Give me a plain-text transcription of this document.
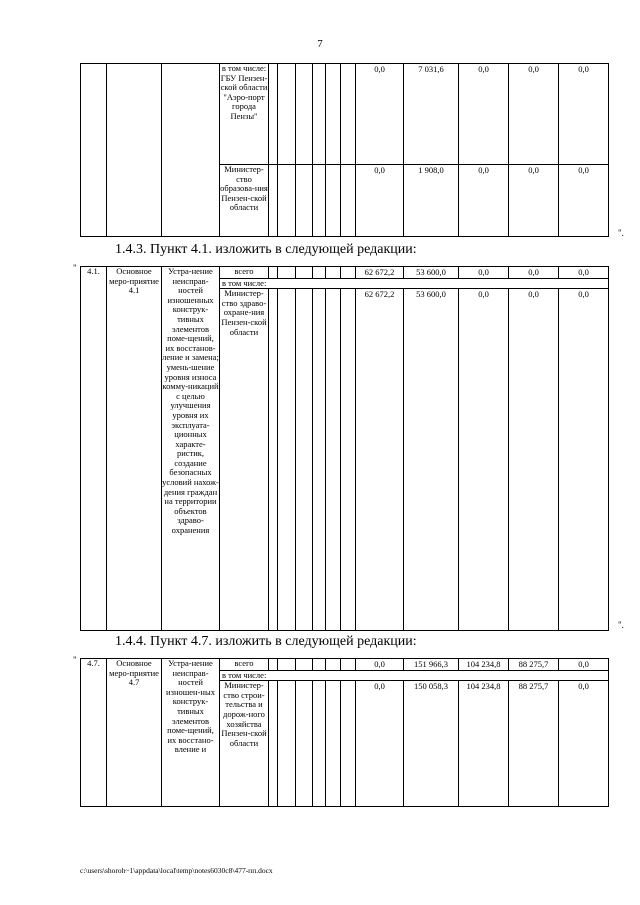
7
			в том числе: ГБУ Пензен-ской области "Аэро-порт города Пензы"							0,0	7 031,6	0,0	0,0	0,0
			Министер-ство образова-ния Пензен-ской области							0,0	1 908,0	0,0	0,0	0,0
".
1.4.3. Пункт 4.1. изложить в следующей редакции:
" 4.1.	Основное меро-приятие 4.1	Устра-нение неисправ-ностей изношенных конструк-тивных элементов поме-щений, их восстанов-ление и замена; умень-шение уровня износа комму-никаций с целью улучшения уровня их эксплуата-ционных характе-ристик, создание безопасных условий нахож-дения граждан на территории объектов здраво-охранения	всего							62 672,2	53 600,0	0,0	0,0	0,0
			в том числе:											
			Министер-ство здраво-охране-ния Пензен-ской области							62 672,2	53 600,0	0,0	0,0	0,0
".
1.4.4. Пункт 4.7. изложить в следующей редакции:
" 4.7.	Основное меро-приятие 4.7	Устра-нение неисправ-ностей изношен-ных конструк-тивных элементов поме-щений, их восстано-вление и	всего							0,0	151 966,3	104 234,8	88 275,7	0,0
			в том числе:											
			Министер-ство строи-тельства и дорож-ного хозяйства Пензен-ской области							0,0	150 058,3	104 234,8	88 275,7	0,0
c:\users\shoroh~1\appdata\local\temp\notes6030c8\477-пп.docx
